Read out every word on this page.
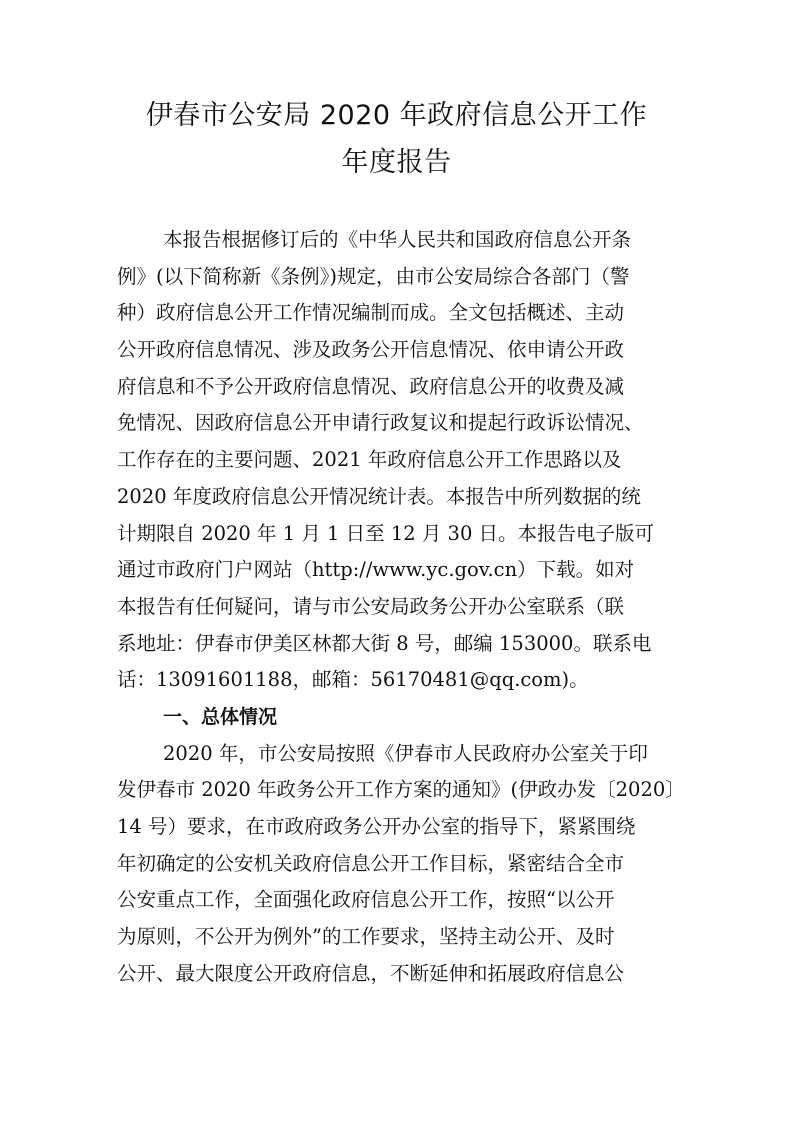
伊春市公安局 2020 年政府信息公开工作
年度报告
本报告根据修订后的《中华人民共和国政府信息公开条
例》(以下简称新《条例》)规定，由市公安局综合各部门（警
种）政府信息公开工作情况编制而成。全文包括概述、主动
公开政府信息情况、涉及政务公开信息情况、依申请公开政
府信息和不予公开政府信息情况、政府信息公开的收费及减
免情况、因政府信息公开申请行政复议和提起行政诉讼情况、
工作存在的主要问题、2021 年政府信息公开工作思路以及
2020 年度政府信息公开情况统计表。本报告中所列数据的统
计期限自 2020 年 1 月 1 日至 12 月 30 日。本报告电子版可
通过市政府门户网站（http://www.yc.gov.cn）下载。如对
本报告有任何疑问，请与市公安局政务公开办公室联系（联
系地址：伊春市伊美区林都大街 8 号，邮编 153000。联系电
话：13091601188，邮箱：56170481@qq.com)。
一、总体情况
2020 年，市公安局按照《伊春市人民政府办公室关于印
发伊春市 2020 年政务公开工作方案的通知》(伊政办发〔2020〕
14 号）要求，在市政府政务公开办公室的指导下，紧紧围绕
年初确定的公安机关政府信息公开工作目标，紧密结合全市
公安重点工作，全面强化政府信息公开工作，按照“以公开
为原则，不公开为例外”的工作要求，坚持主动公开、及时
公开、最大限度公开政府信息，不断延伸和拓展政府信息公
